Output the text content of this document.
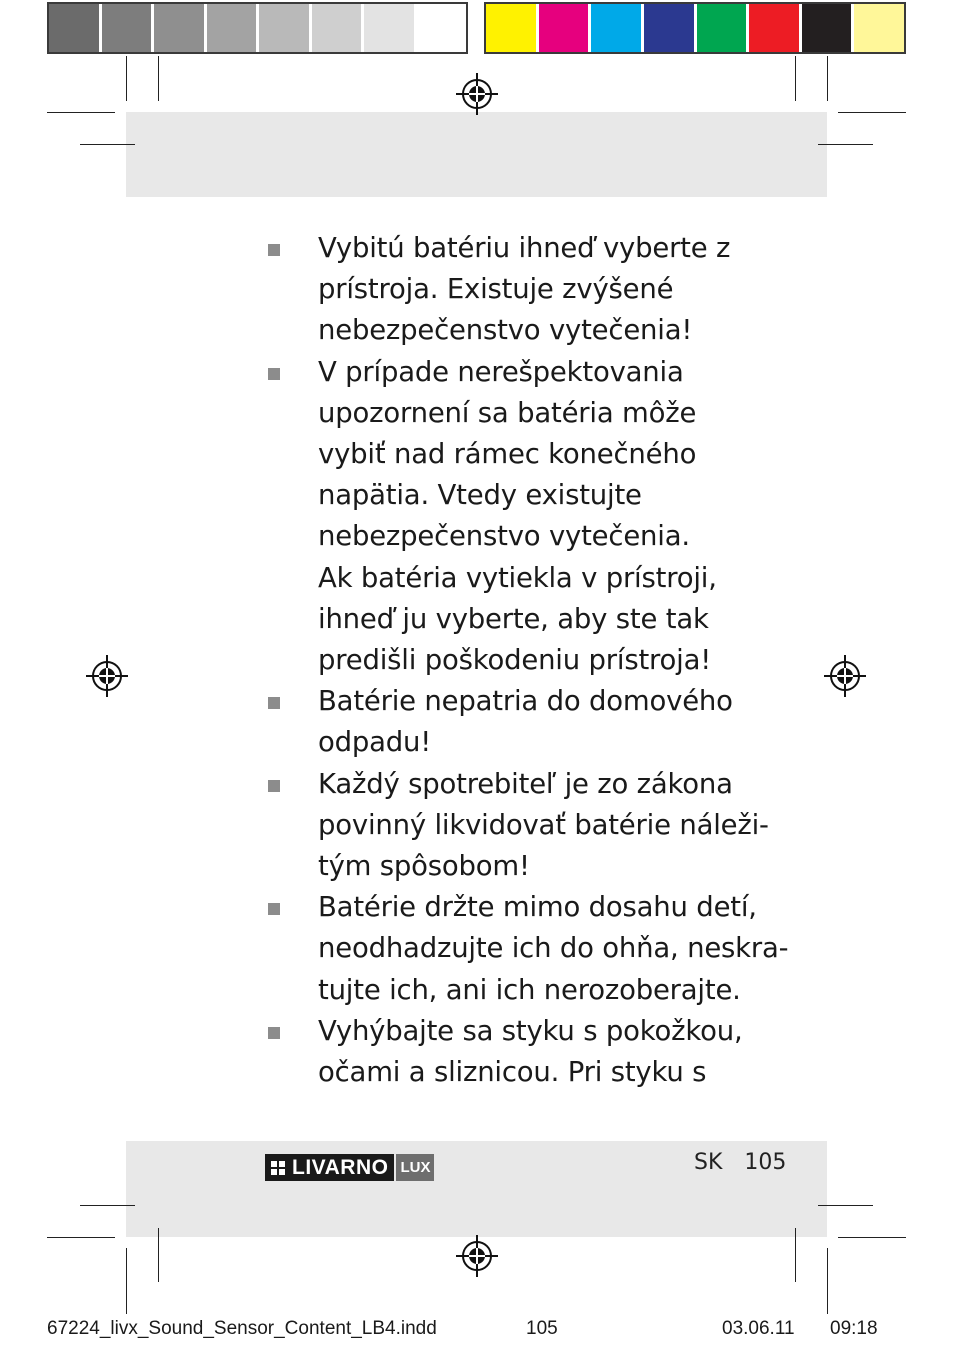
Vybitú batériu ihneď vyberte z
prístroja. Existuje zvýšené
nebezpečenstvo vytečenia!
V prípade nerešpektovania
upozornení sa batéria môže
vybiť nad rámec konečného
napätia. Vtedy existujte
nebezpečenstvo vytečenia.
Ak batéria vytiekla v prístroji,
ihneď ju vyberte, aby ste tak
predišli poškodeniu prístroja!
Batérie nepatria do domového
odpadu!
Každý spotrebiteľ je zo zákona
povinný likvidovať batérie náleži-
tým spôsobom!
Batérie držte mimo dosahu detí,
neodhadzujte ich do ohňa, neskra-
tujte ich, ani ich nerozoberajte.
Vyhýbajte sa styku s pokožkou,
očami a sliznicou. Pri styku s
LIVARNO LUX	SK 105
67224_livx_Sound_Sensor_Content_LB4.indd	105	03.06.11 09:18
